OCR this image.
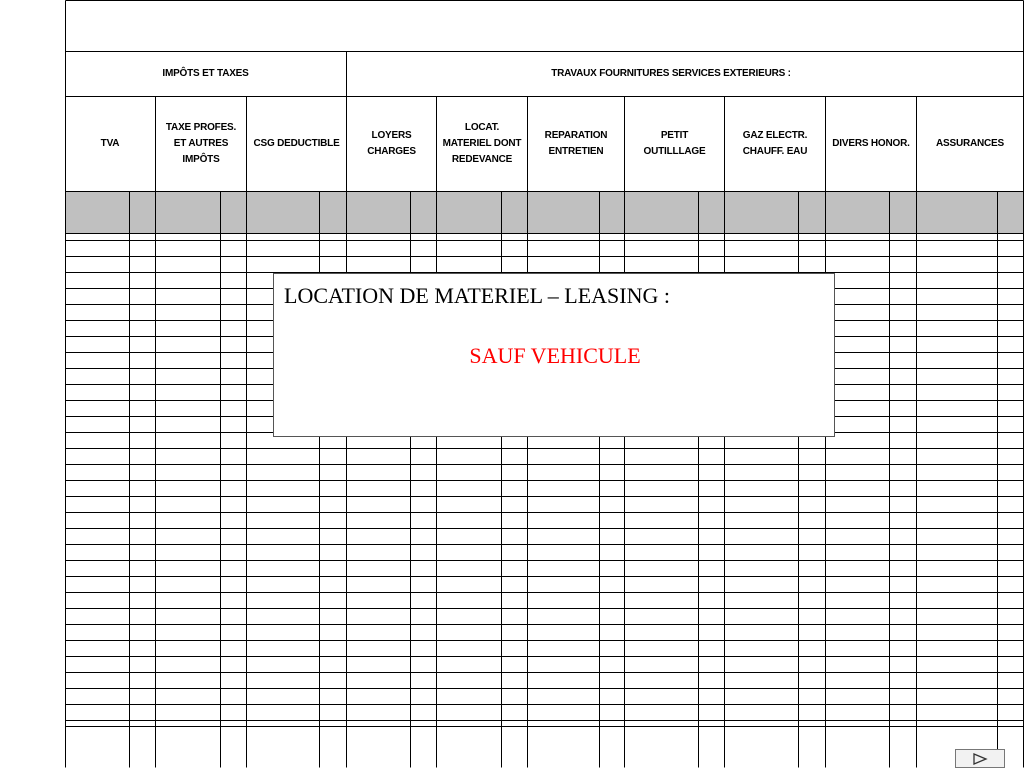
IMPÔTS ET TAXES	TRAVAUX FOURNITURES SERVICES EXTERIEURS :
TVA
TAXE PROFES.
ET AUTRES
IMPÔTS
CSG DEDUCTIBLE
LOYERS
CHARGES
LOCAT.
MATERIEL DONT
REDEVANCE
REPARATION
ENTRETIEN
PETIT
OUTILLLAGE
GAZ ELECTR.
CHAUFF. EAU
DIVERS HONOR.	ASSURANCES
LOCATION DE MATERIEL – LEASING :
SAUF VEHICULE
